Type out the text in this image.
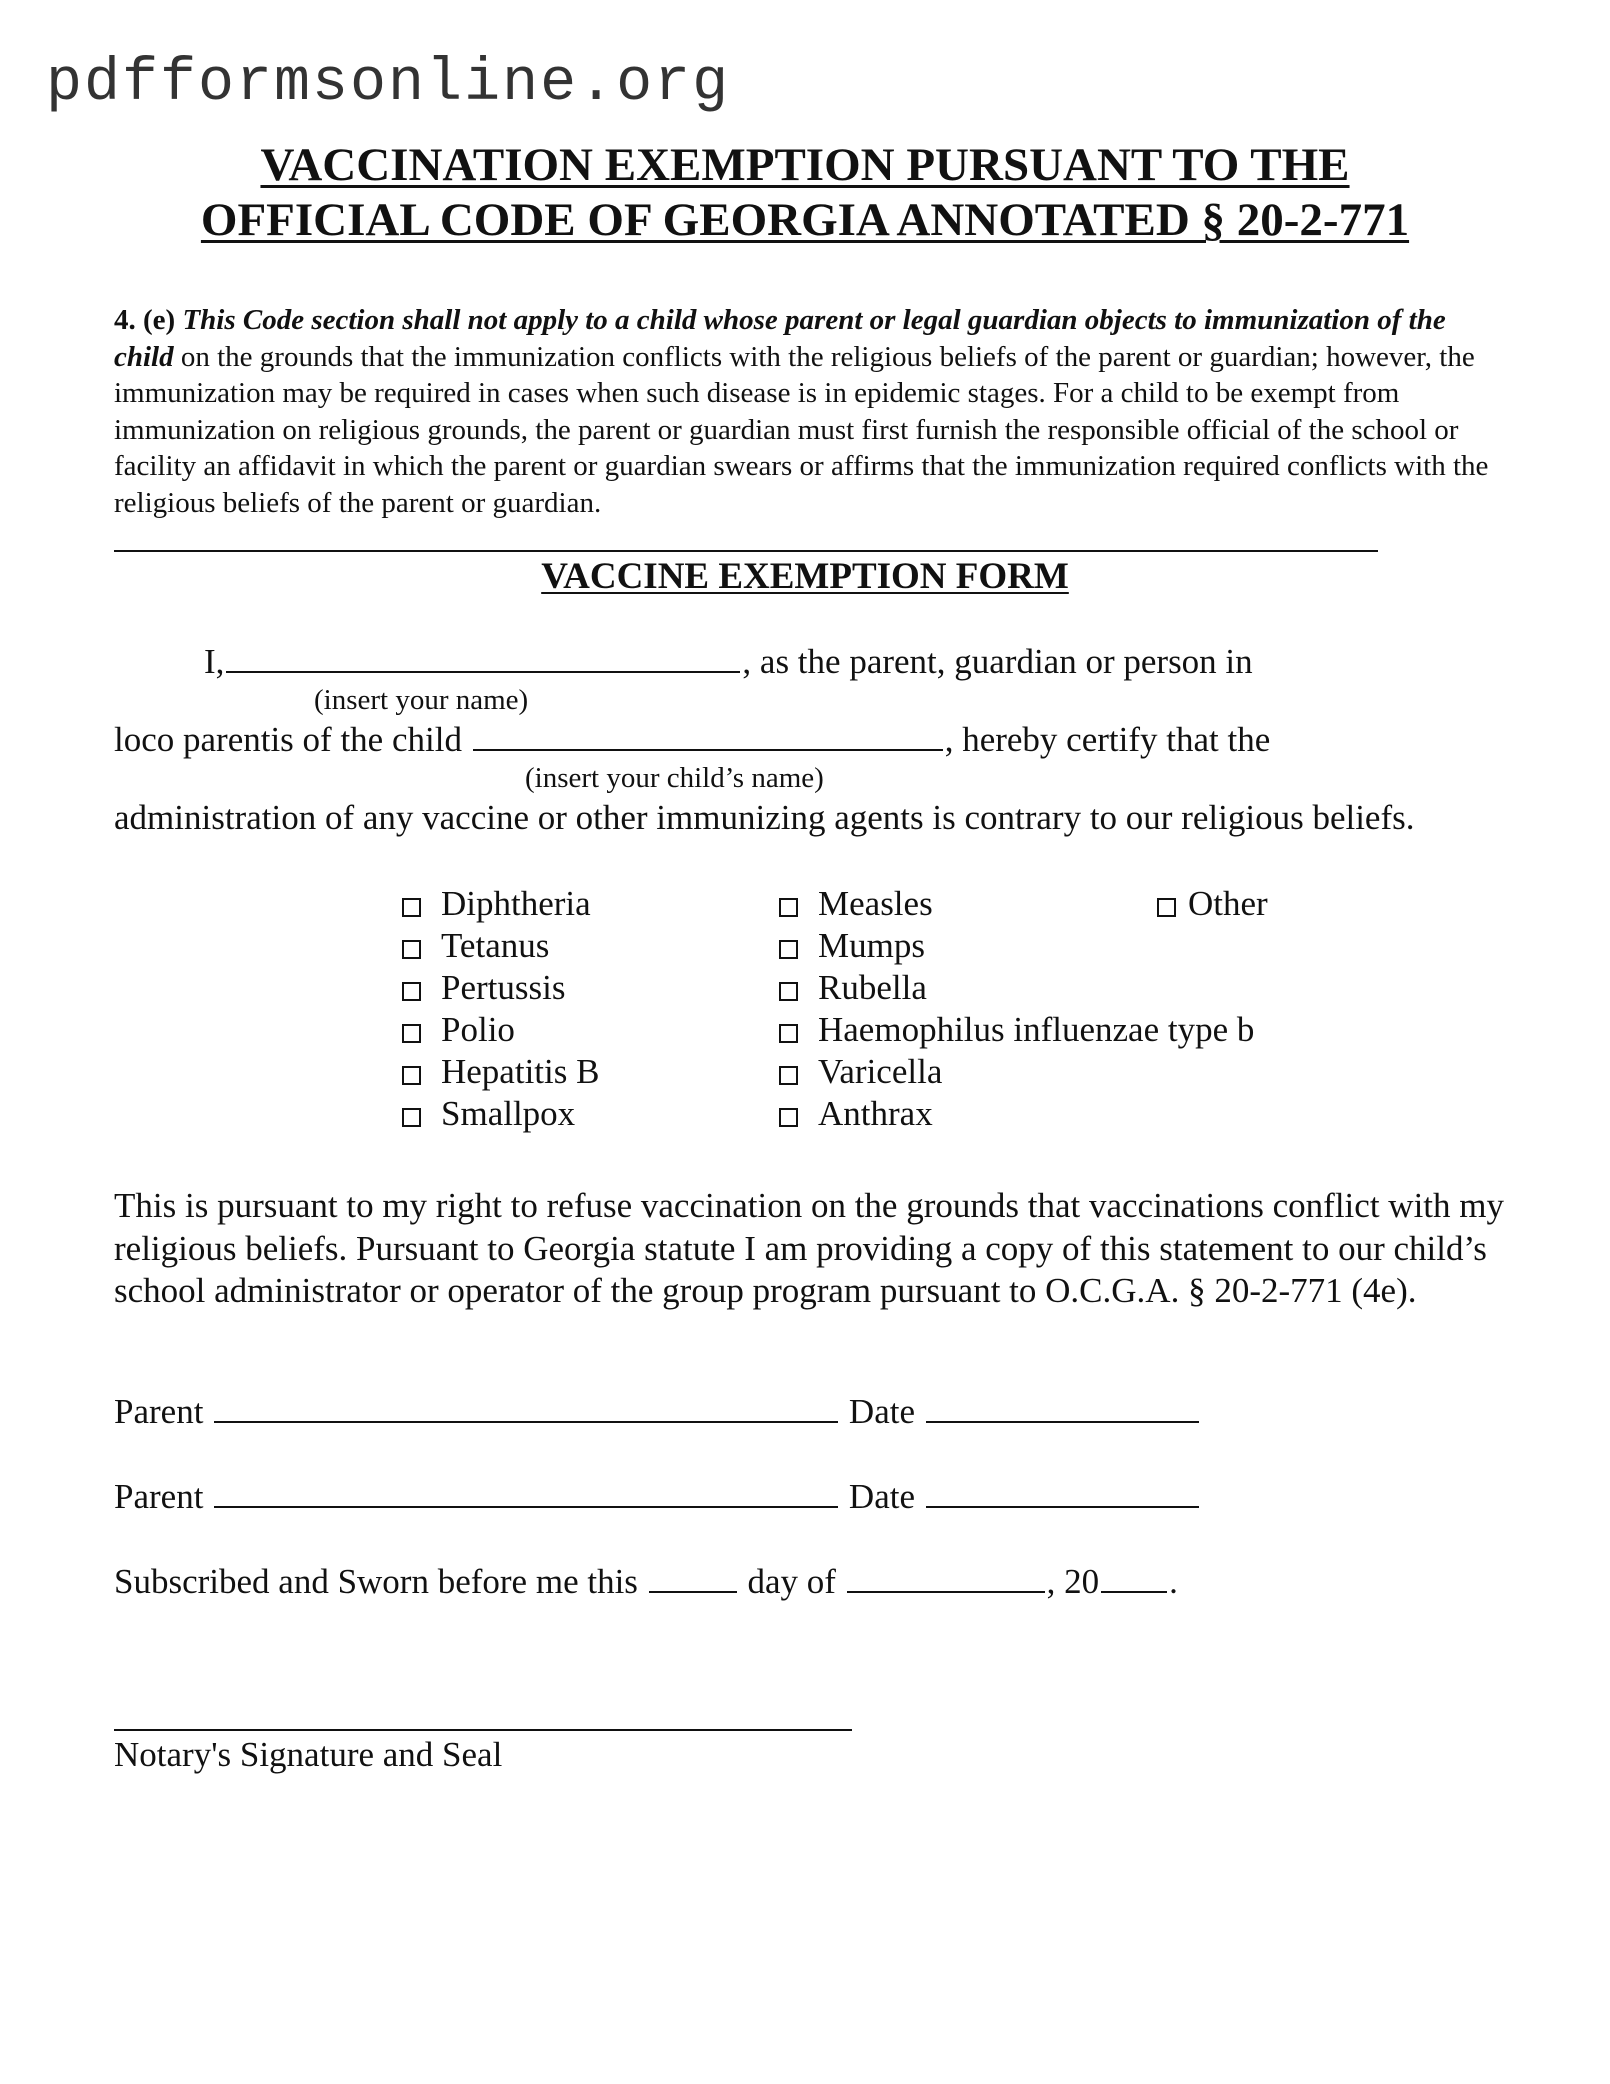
pdfformsonline.org
VACCINATION EXEMPTION PURSUANT TO THE
OFFICIAL CODE OF GEORGIA ANNOTATED § 20-2-771
4. (e) This Code section shall not apply to a child whose parent or legal guardian objects to immunization of the child on the grounds that the immunization conflicts with the religious beliefs of the parent or guardian; however, the immunization may be required in cases when such disease is in epidemic stages. For a child to be exempt from immunization on religious grounds, the parent or guardian must first furnish the responsible official of the school or facility an affidavit in which the parent or guardian swears or affirms that the immunization required conflicts with the religious beliefs of the parent or guardian.
VACCINE EXEMPTION FORM
I,	, as the parent, guardian or person in
(insert your name)
loco parentis of the child	, hereby certify that the
(insert your child’s name)
administration of any vaccine or other immunizing agents is contrary to our religious beliefs.
Diphtheria
Tetanus
Pertussis
Polio
Hepatitis B
Smallpox
Measles
Mumps
Rubella
Haemophilus influenzae type b
Varicella
Anthrax
Other
This is pursuant to my right to refuse vaccination on the grounds that vaccinations conflict with my religious beliefs. Pursuant to Georgia statute I am providing a copy of this statement to our child’s school administrator or operator of the group program pursuant to O.C.G.A. § 20-2-771 (4e).
Parent	Date
Parent	Date
Subscribed and Sworn before me this	day of	, 20 .
Notary's Signature and Seal
